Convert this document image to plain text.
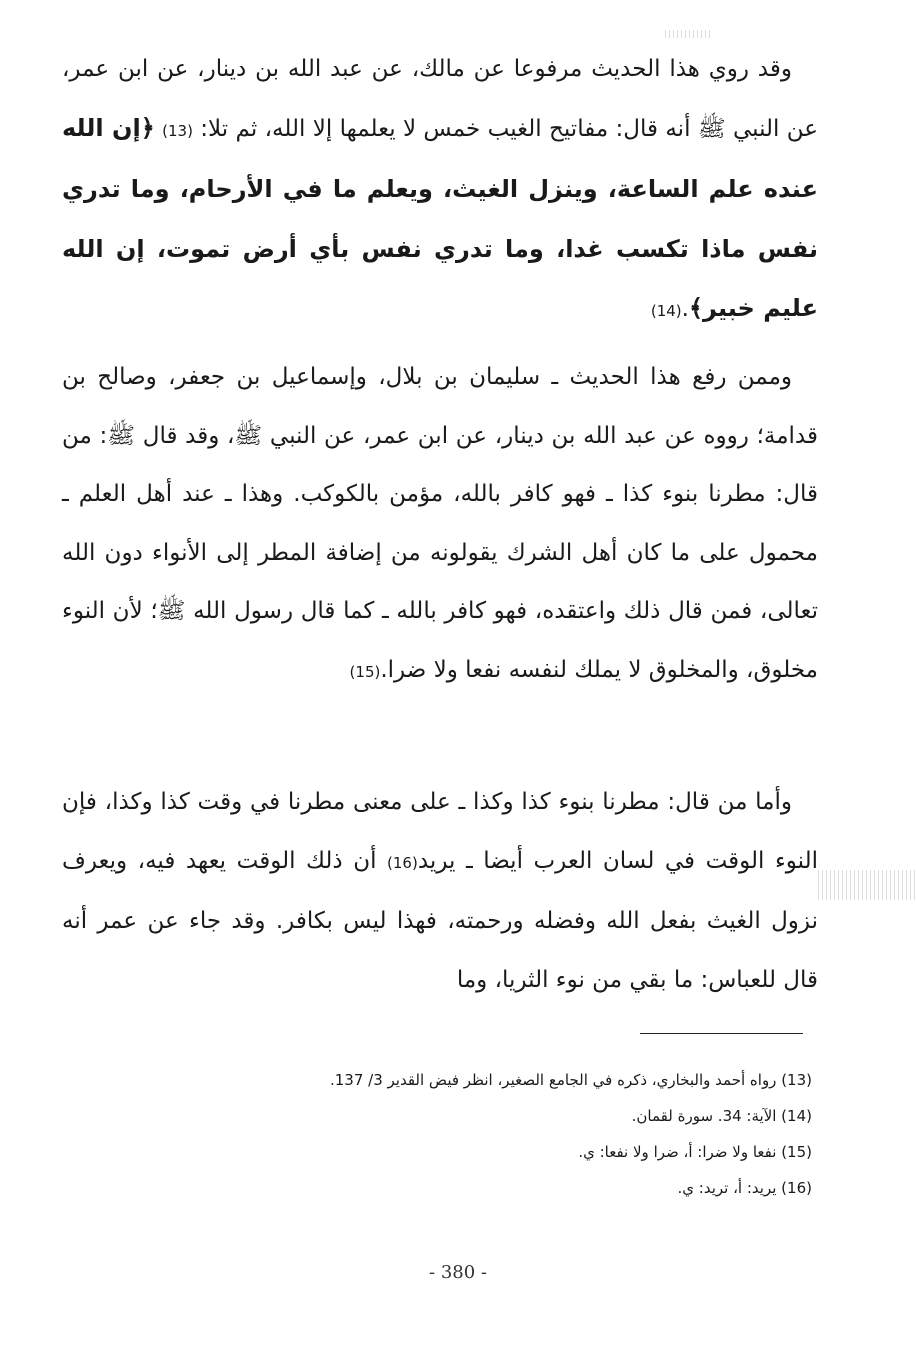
وقد روي هذا الحديث مرفوعا عن مالك، عن عبد الله بن دينار، عن ابن عمر، عن النبي ﷺ أنه قال: مفاتيح الغيب خمس لا يعلمها إلا الله، ثم تلا: (13) ﴿إن الله عنده علم الساعة، وينزل الغيث، ويعلم ما في الأرحام، وما تدري نفس ماذا تكسب غدا، وما تدري نفس بأي أرض تموت، إن الله عليم خبير﴾.(14)

وممن رفع هذا الحديث ـ سليمان بن بلال، وإسماعيل بن جعفر، وصالح بن قدامة؛ رووه عن عبد الله بن دينار، عن ابن عمر، عن النبي ﷺ، وقد قال ﷺ: من قال: مطرنا بنوء كذا ـ فهو كافر بالله، مؤمن بالكوكب. وهذا ـ عند أهل العلم ـ محمول على ما كان أهل الشرك يقولونه من إضافة المطر إلى الأنواء دون الله تعالى، فمن قال ذلك واعتقده، فهو كافر بالله ـ كما قال رسول الله ﷺ؛ لأن النوء مخلوق، والمخلوق لا يملك لنفسه نفعا ولا ضرا.(15)

وأما من قال: مطرنا بنوء كذا وكذا ـ على معنى مطرنا في وقت كذا وكذا، فإن النوء الوقت في لسان العرب أيضا ـ يريد(16) أن ذلك الوقت يعهد فيه، ويعرف نزول الغيث بفعل الله وفضله ورحمته، فهذا ليس بكافر. وقد جاء عن عمر أنه قال للعباس: ما بقي من نوء الثريا، وما

(13) رواه أحمد والبخاري، ذكره في الجامع الصغير، انظر فيض القدير 3/ 137.
(14) الآية: 34. سورة لقمان.
(15) نفعا ولا ضرا: أ، ضرا ولا نفعا: ي.
(16) يريد: أ، تريد: ي.
- 380 -
